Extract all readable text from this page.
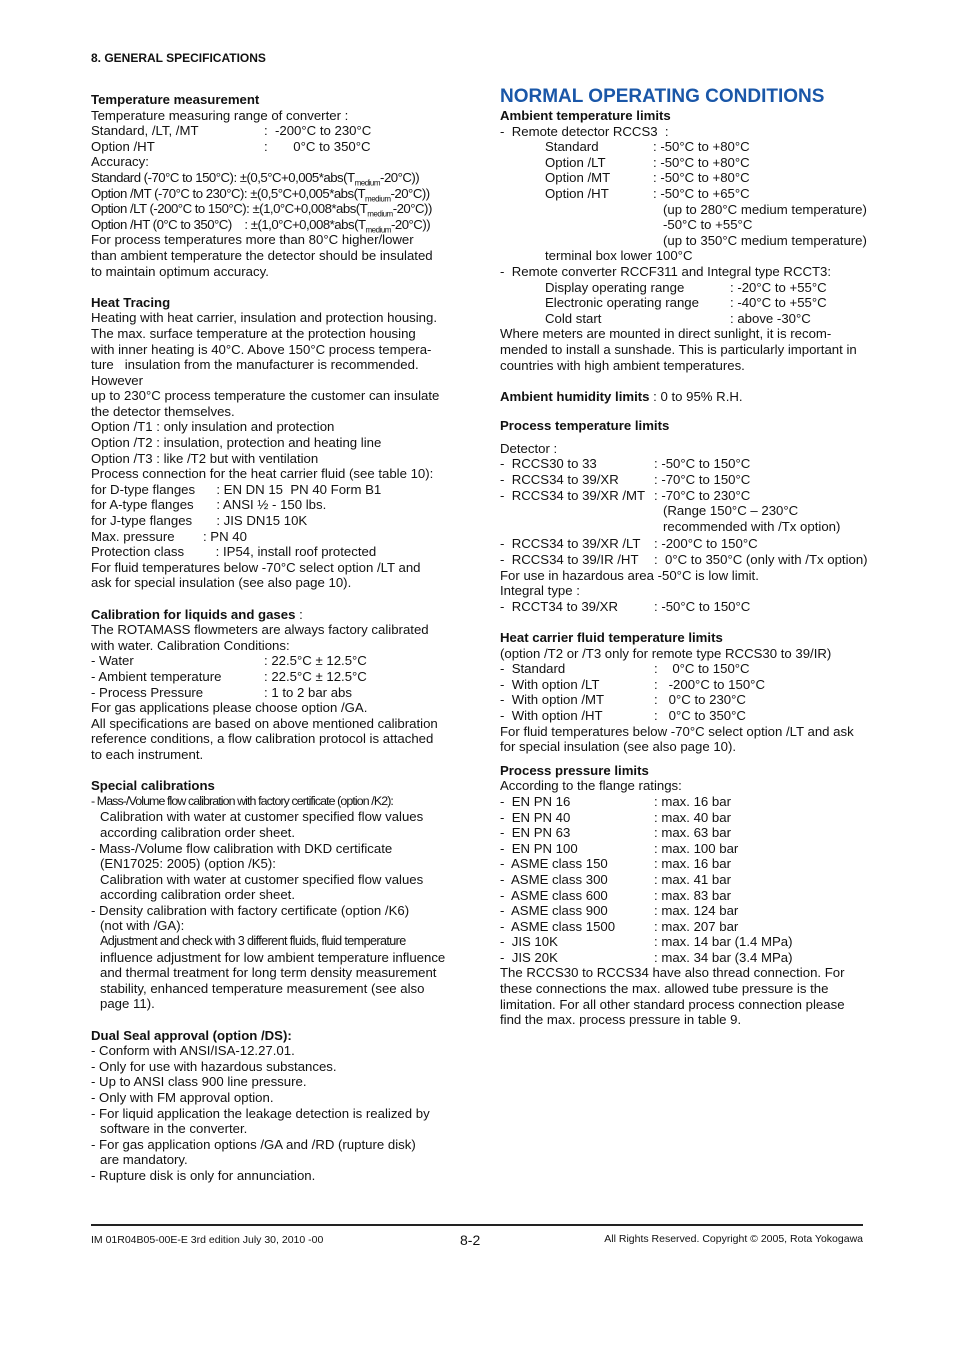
8. GENERAL SPECIFICATIONS
Temperature measurement
Temperature measuring range of converter :
Standard, /LT, /MT	:  -200°C to 230°C
Option /HT	:       0°C to 350°C
Accuracy:
Standard (-70°C to 150°C): $\pm(0,5^\circ C+0,005*abs(T_{medium}-20^\circ C))$
Option /MT (-70°C to 230°C): $\pm(0,5^\circ C+0,005*abs(T_{medium}-20^\circ C))$
Option /LT (-200°C to 150°C): $\pm(1,0^\circ C+0,008*abs(T_{medium}-20^\circ C))$
Option /HT (0°C to 350°C)    : $\pm(1,0^\circ C+0,008*abs(T_{medium}-20^\circ C))$
For process temperatures more than 80°C higher/lower
than ambient temperature the detector should be insulated
to maintain optimum accuracy.
Heat Tracing
Heating with heat carrier, insulation and protection housing.
The max. surface temperature at the protection housing
with inner heating is 40°C. Above 150°C process tempera-
ture   insulation from the manufacturer is recommended.
However
up to 230°C process temperature the customer can insulate
the detector themselves.
Option /T1 : only insulation and protection
Option /T2 : insulation, protection and heating line
Option /T3 : like /T2 but with ventilation
Process connection for the heat carrier fluid (see table 10):
for D-type flanges	: EN DN 15  PN 40 Form B1
for A-type flanges	: ANSI ½ - 150 lbs.
for J-type flanges	: JIS DN15 10K
Max. pressure : PN 40
Protection class	: IP54, install roof protected
For fluid temperatures below -70°C select option /LT and
ask for special insulation (see also page 10).
Calibration for liquids and gases :
The ROTAMASS flowmeters are always factory calibrated
with water. Calibration Conditions:
- Water	: 22.5°C ± 12.5°C
- Ambient temperature	: 22.5°C ± 12.5°C
- Process Pressure	: 1 to 2 bar abs
For gas applications please choose option /GA.
All specifications are based on above mentioned calibration
reference conditions, a flow calibration protocol is attached
to each instrument.
Special calibrations
- Mass-/Volume flow calibration with factory certificate (option /K2):
Calibration with water at customer specified flow values
according calibration order sheet.
- Mass-/Volume flow calibration with DKD certificate
(EN17025: 2005) (option /K5):
Calibration with water at customer specified flow values
according calibration order sheet.
- Density calibration with factory certificate (option /K6)
(not with /GA):
Adjustment and check with 3 different fluids, fluid temperature
influence adjustment for low ambient temperature influence
and thermal treatment for long term density measurement
stability, enhanced temperature measurement (see also
page 11).
Dual Seal approval (option /DS):
- Conform with ANSI/ISA-12.27.01.
- Only for use with hazardous substances.
- Up to ANSI class 900 line pressure.
- Only with FM approval option.
- For liquid application the leakage detection is realized by
software in the converter.
- For gas application options /GA and /RD (rupture disk)
are mandatory.
- Rupture disk is only for annunciation.
NORMAL OPERATING CONDITIONS
Ambient temperature limits
-  Remote detector RCCS3  :
Standard	: -50°C to +80°C
Option /LT	: -50°C to +80°C
Option /MT	: -50°C to +80°C
Option /HT	: -50°C to +65°C
(up to 280°C medium temperature)
-50°C to +55°C
(up to 350°C medium temperature)
terminal box lower 100°C
-  Remote converter RCCF311 and Integral type RCCT3:
Display operating range	: -20°C to +55°C
Electronic operating range	: -40°C to +55°C
Cold start	: above -30°C
Where meters are mounted in direct sunlight, it is recom-
mended to install a sunshade. This is particularly important in
countries with high ambient temperatures.
Ambient humidity limits : 0 to 95% R.H.
Process temperature limits
Detector :
-  RCCS30 to 33	: -50°C to 150°C
-  RCCS34 to 39/XR	: -70°C to 150°C
-  RCCS34 to 39/XR /MT : -70°C to 230°C
(Range 150°C – 230°C
recommended with /Tx option)
-  RCCS34 to 39/XR /LT	: -200°C to 150°C
-  RCCS34 to 39/IR /HT	:  0°C to 350°C (only with /Tx option)
For use in hazardous area -50°C is low limit.
Integral type :
-  RCCT34 to 39/XR	: -50°C to 150°C
Heat carrier fluid temperature limits
(option /T2 or /T3 only for remote type RCCS30 to 39/IR)
-  Standard	:    0°C to 150°C
-  With option /LT	:   -200°C to 150°C
-  With option /MT	:   0°C to 230°C
-  With option /HT	:   0°C to 350°C
For fluid temperatures below -70°C select option /LT and ask
for special insulation (see also page 10).
Process pressure limits
According to the flange ratings:
-  EN PN 16	: max. 16 bar
-  EN PN 40	: max. 40 bar
-  EN PN 63	: max. 63 bar
-  EN PN 100	: max. 100 bar
-  ASME class 150	: max. 16 bar
-  ASME class 300	: max. 41 bar
-  ASME class 600	: max. 83 bar
-  ASME class 900	: max. 124 bar
-  ASME class 1500	: max. 207 bar
-  JIS 10K	: max. 14 bar (1.4 MPa)
-  JIS 20K	: max. 34 bar (3.4 MPa)
The RCCS30 to RCCS34 have also thread connection. For
these connections the max. allowed tube pressure is the
limitation. For all other standard process connection please
find the max. process pressure in table 9.
IM 01R04B05-00E-E 3rd edition July 30, 2010 -00	8-2	All Rights Reserved. Copyright © 2005, Rota Yokogawa
